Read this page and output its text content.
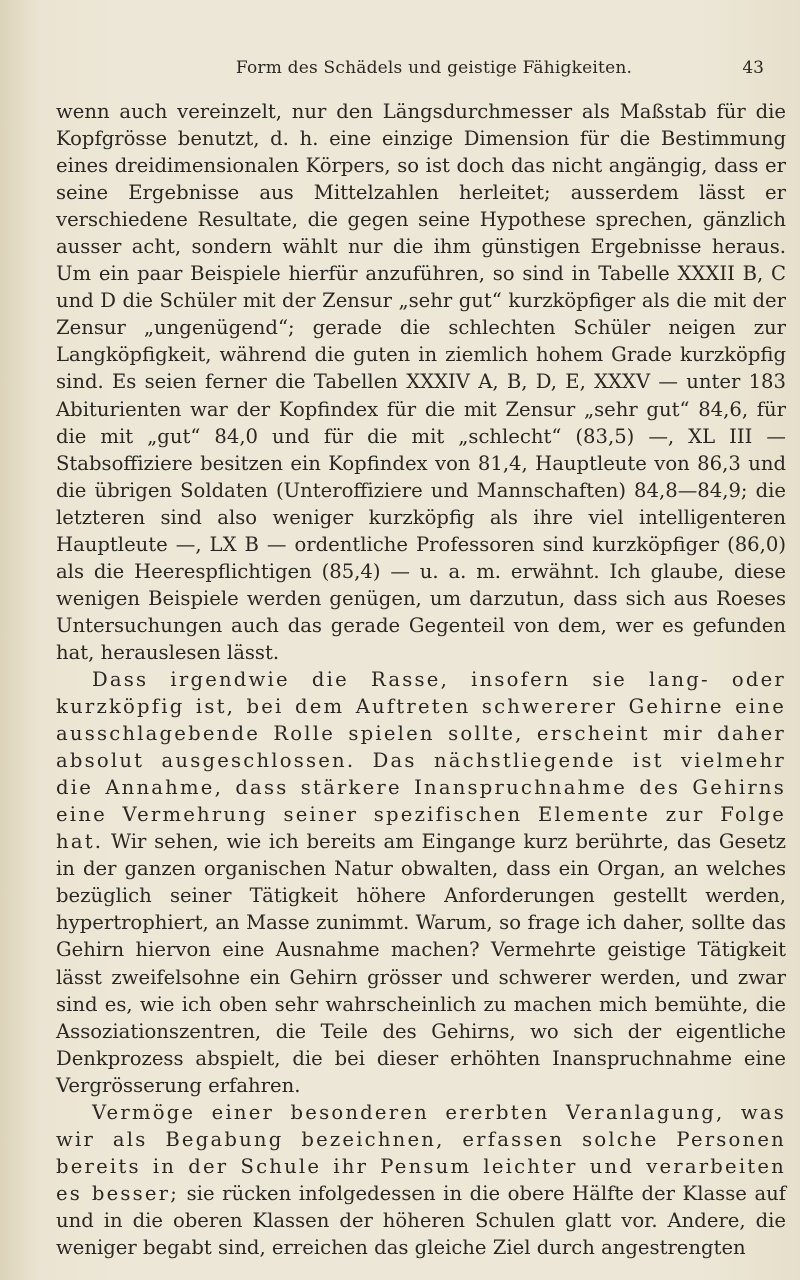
Form des Schädels und geistige Fähigkeiten.	43

wenn auch vereinzelt, nur den Längsdurchmesser als Maßstab für die Kopfgrösse benutzt, d. h. eine einzige Dimension für die Bestimmung eines dreidimensionalen Körpers, so ist doch das nicht angängig, dass er seine Ergebnisse aus Mittelzahlen herleitet; ausserdem lässt er verschiedene Resultate, die gegen seine Hypothese sprechen, gänzlich ausser acht, sondern wählt nur die ihm günstigen Ergebnisse heraus. Um ein paar Beispiele hierfür anzuführen, so sind in Tabelle XXXII B, C und D die Schüler mit der Zensur „sehr gut“ kurzköpfiger als die mit der Zensur „ungenügend“; gerade die schlechten Schüler neigen zur Langköpfigkeit, während die guten in ziemlich hohem Grade kurzköpfig sind. Es seien ferner die Tabellen XXXIV A, B, D, E, XXXV — unter 183 Abiturienten war der Kopfindex für die mit Zensur „sehr gut“ 84,6, für die mit „gut“ 84,0 und für die mit „schlecht“ (83,5) —, XL III — Stabsoffiziere besitzen ein Kopfindex von 81,4, Hauptleute von 86,3 und die übrigen Soldaten (Unteroffiziere und Mannschaften) 84,8—84,9; die letzteren sind also weniger kurzköpfig als ihre viel intelligenteren Hauptleute —, LX B — ordentliche Professoren sind kurzköpfiger (86,0) als die Heerespflichtigen (85,4) — u. a. m. erwähnt. Ich glaube, diese wenigen Beispiele werden genügen, um darzutun, dass sich aus Roeses Untersuchungen auch das gerade Gegenteil von dem, wer es gefunden hat, herauslesen lässt.

Dass irgendwie die Rasse, insofern sie lang- oder kurzköpfig ist, bei dem Auftreten schwererer Gehirne eine ausschlagebende Rolle spielen sollte, erscheint mir daher absolut ausgeschlossen. Das nächstliegende ist vielmehr die Annahme, dass stärkere Inanspruchnahme des Gehirns eine Vermehrung seiner spezifischen Elemente zur Folge hat. Wir sehen, wie ich bereits am Eingange kurz berührte, das Gesetz in der ganzen organischen Natur obwalten, dass ein Organ, an welches bezüglich seiner Tätigkeit höhere Anforderungen gestellt werden, hypertrophiert, an Masse zunimmt. Warum, so frage ich daher, sollte das Gehirn hiervon eine Ausnahme machen? Vermehrte geistige Tätigkeit lässt zweifelsohne ein Gehirn grösser und schwerer werden, und zwar sind es, wie ich oben sehr wahrscheinlich zu machen mich bemühte, die Assoziationszentren, die Teile des Gehirns, wo sich der eigentliche Denkprozess abspielt, die bei dieser erhöhten Inanspruchnahme eine Vergrösserung erfahren.

Vermöge einer besonderen ererbten Veranlagung, was wir als Begabung bezeichnen, erfassen solche Personen bereits in der Schule ihr Pensum leichter und verarbeiten es besser; sie rücken infolgedessen in die obere Hälfte der Klasse auf und in die oberen Klassen der höheren Schulen glatt vor. Andere, die weniger begabt sind, erreichen das gleiche Ziel durch angestrengten
